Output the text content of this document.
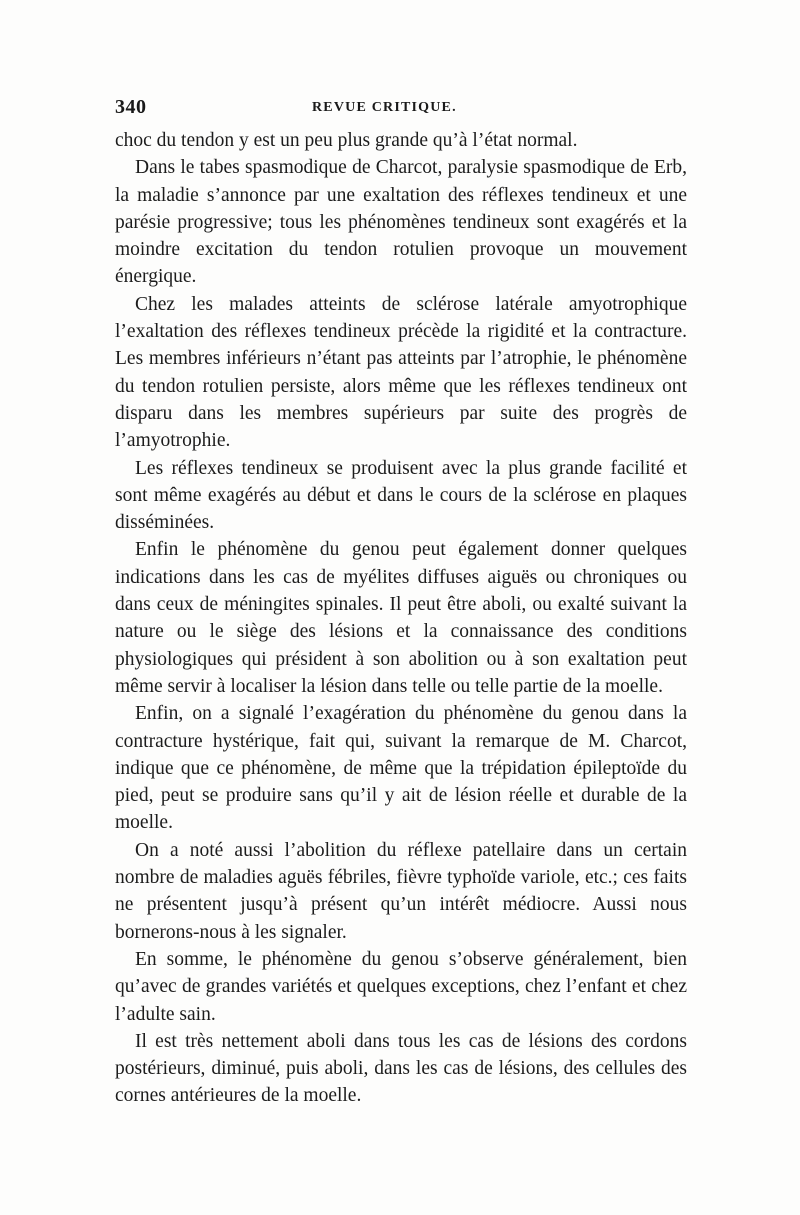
340	REVUE CRITIQUE.

choc du tendon y est un peu plus grande qu’à l’état normal.

Dans le tabes spasmodique de Charcot, paralysie spasmodique de Erb, la maladie s’annonce par une exaltation des réflexes tendineux et une parésie progressive; tous les phénomènes tendineux sont exagérés et la moindre excitation du tendon rotulien provoque un mouvement énergique.

Chez les malades atteints de sclérose latérale amyotrophique l’exaltation des réflexes tendineux précède la rigidité et la contracture. Les membres inférieurs n’étant pas atteints par l’atrophie, le phénomène du tendon rotulien persiste, alors même que les réflexes tendineux ont disparu dans les membres supérieurs par suite des progrès de l’amyotrophie.

Les réflexes tendineux se produisent avec la plus grande facilité et sont même exagérés au début et dans le cours de la sclérose en plaques disséminées.

Enfin le phénomène du genou peut également donner quelques indications dans les cas de myélites diffuses aiguës ou chroniques ou dans ceux de méningites spinales. Il peut être aboli, ou exalté suivant la nature ou le siège des lésions et la connaissance des conditions physiologiques qui président à son abolition ou à son exaltation peut même servir à localiser la lésion dans telle ou telle partie de la moelle.

Enfin, on a signalé l’exagération du phénomène du genou dans la contracture hystérique, fait qui, suivant la remarque de M. Charcot, indique que ce phénomène, de même que la trépidation épileptoïde du pied, peut se produire sans qu’il y ait de lésion réelle et durable de la moelle.

On a noté aussi l’abolition du réflexe patellaire dans un certain nombre de maladies aguës fébriles, fièvre typhoïde variole, etc.; ces faits ne présentent jusqu’à présent qu’un intérêt médiocre. Aussi nous bornerons-nous à les signaler.

En somme, le phénomène du genou s’observe généralement, bien qu’avec de grandes variétés et quelques exceptions, chez l’enfant et chez l’adulte sain.

Il est très nettement aboli dans tous les cas de lésions des cordons postérieurs, diminué, puis aboli, dans les cas de lésions, des cellules des cornes antérieures de la moelle.
